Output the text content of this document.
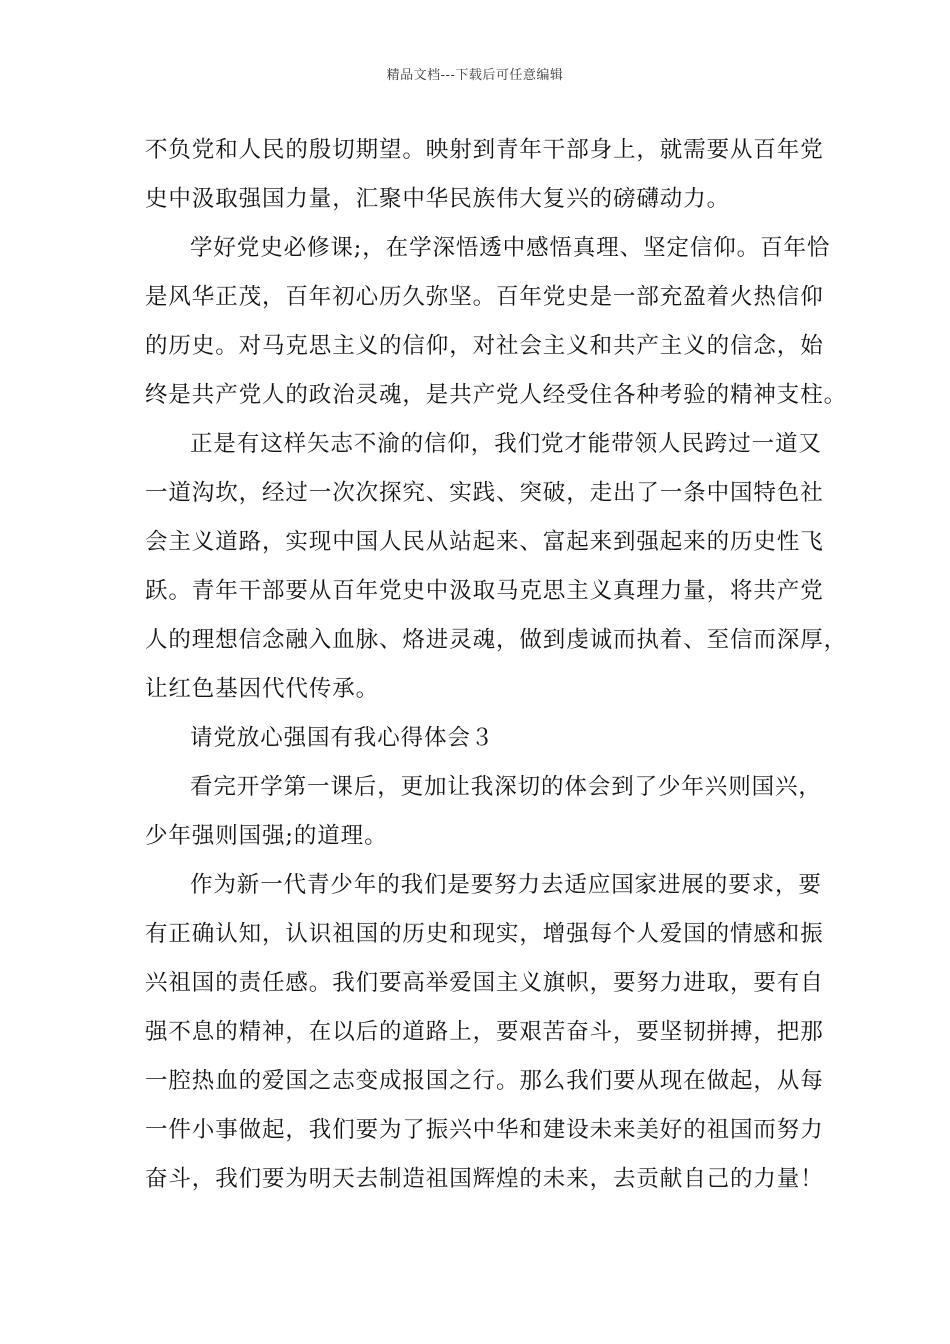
精品文档---下载后可任意编辑
不负党和人民的殷切期望。映射到青年干部身上，就需要从百年党
史中汲取强国力量，汇聚中华民族伟大复兴的磅礴动力。
学好党史必修课;，在学深悟透中感悟真理、坚定信仰。百年恰
是风华正茂，百年初心历久弥坚。百年党史是一部充盈着火热信仰
的历史。对马克思主义的信仰，对社会主义和共产主义的信念，始
终是共产党人的政治灵魂，是共产党人经受住各种考验的精神支柱。
正是有这样矢志不渝的信仰，我们党才能带领人民跨过一道又
一道沟坎，经过一次次探究、实践、突破，走出了一条中国特色社
会主义道路，实现中国人民从站起来、富起来到强起来的历史性飞
跃。青年干部要从百年党史中汲取马克思主义真理力量，将共产党
人的理想信念融入血脉、烙进灵魂，做到虔诚而执着、至信而深厚，
让红色基因代代传承。
请党放心强国有我心得体会３
看完开学第一课后，更加让我深切的体会到了少年兴则国兴，
少年强则国强;的道理。
作为新一代青少年的我们是要努力去适应国家进展的要求，要
有正确认知，认识祖国的历史和现实，增强每个人爱国的情感和振
兴祖国的责任感。我们要高举爱国主义旗帜，要努力进取，要有自
强不息的精神，在以后的道路上，要艰苦奋斗，要坚韧拼搏，把那
一腔热血的爱国之志变成报国之行。那么我们要从现在做起，从每
一件小事做起，我们要为了振兴中华和建设未来美好的祖国而努力
奋斗，我们要为明天去制造祖国辉煌的未来，去贡献自己的力量！
